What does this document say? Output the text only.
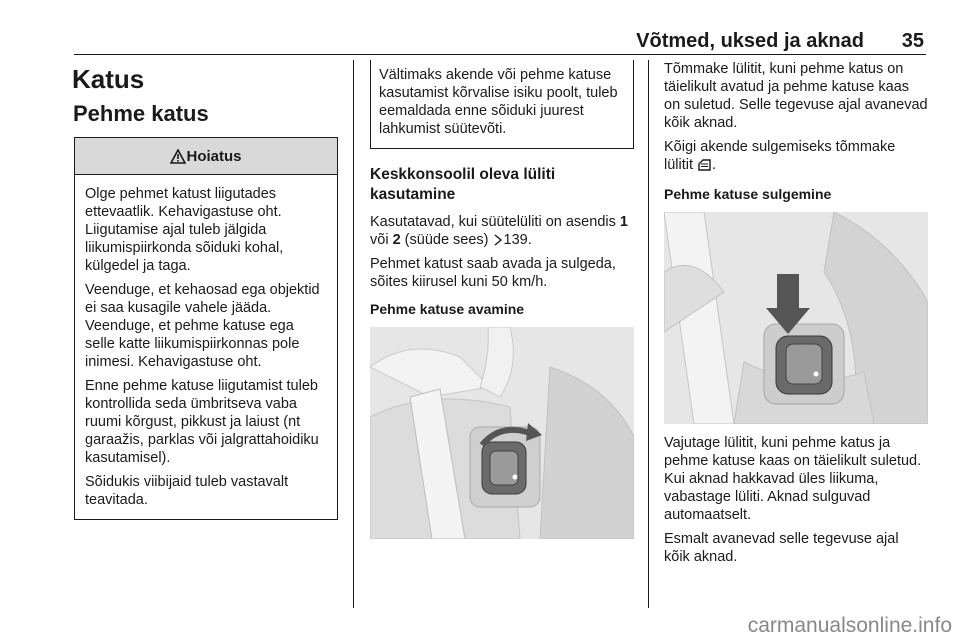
Võtmed, uksed ja aknad 35
Katus
Pehme katus
Hoiatus

Olge pehmet katust liigutades ettevaatlik. Kehavigastuse oht. Liigutamise ajal tuleb jälgida liikumispiirkonda sõiduki kohal, külgedel ja taga.

Veenduge, et kehaosad ega objektid ei saa kusagile vahele jääda. Veenduge, et pehme katuse ega selle katte liikumispiirkonnas pole inimesi. Kehavigastuse oht.

Enne pehme katuse liigutamist tuleb kontrollida seda ümbritseva vaba ruumi kõrgust, pikkust ja laiust (nt garaažis, parklas või jalgrattahoidiku kasutamisel).

Sõidukis viibijaid tuleb vastavalt teavitada.

Vältimaks akende või pehme katuse kasutamist kõrvalise isiku poolt, tuleb eemaldada enne sõiduki juurest lahkumist süütevõti.

Keskkonsoolil oleva lüliti kasutamine

Kasutatavad, kui süütelüliti on asendis 1 või 2 (süüde sees) 139.

Pehmet katust saab avada ja sulgeda, sõites kiirusel kuni 50 km/h.

Pehme katuse avamine

Tõmmake lülitit, kuni pehme katus on täielikult avatud ja pehme katuse kaas on suletud. Selle tegevuse ajal avanevad kõik aknad.

Kõigi akende sulgemiseks tõmmake lülitit .

Pehme katuse sulgemine

Vajutage lülitit, kuni pehme katus ja pehme katuse kaas on täielikult suletud. Kui aknad hakkavad üles liikuma, vabastage lüliti. Aknad sulguvad automaatselt.

Esmalt avanevad selle tegevuse ajal kõik aknad.

carmanualsonline.info
